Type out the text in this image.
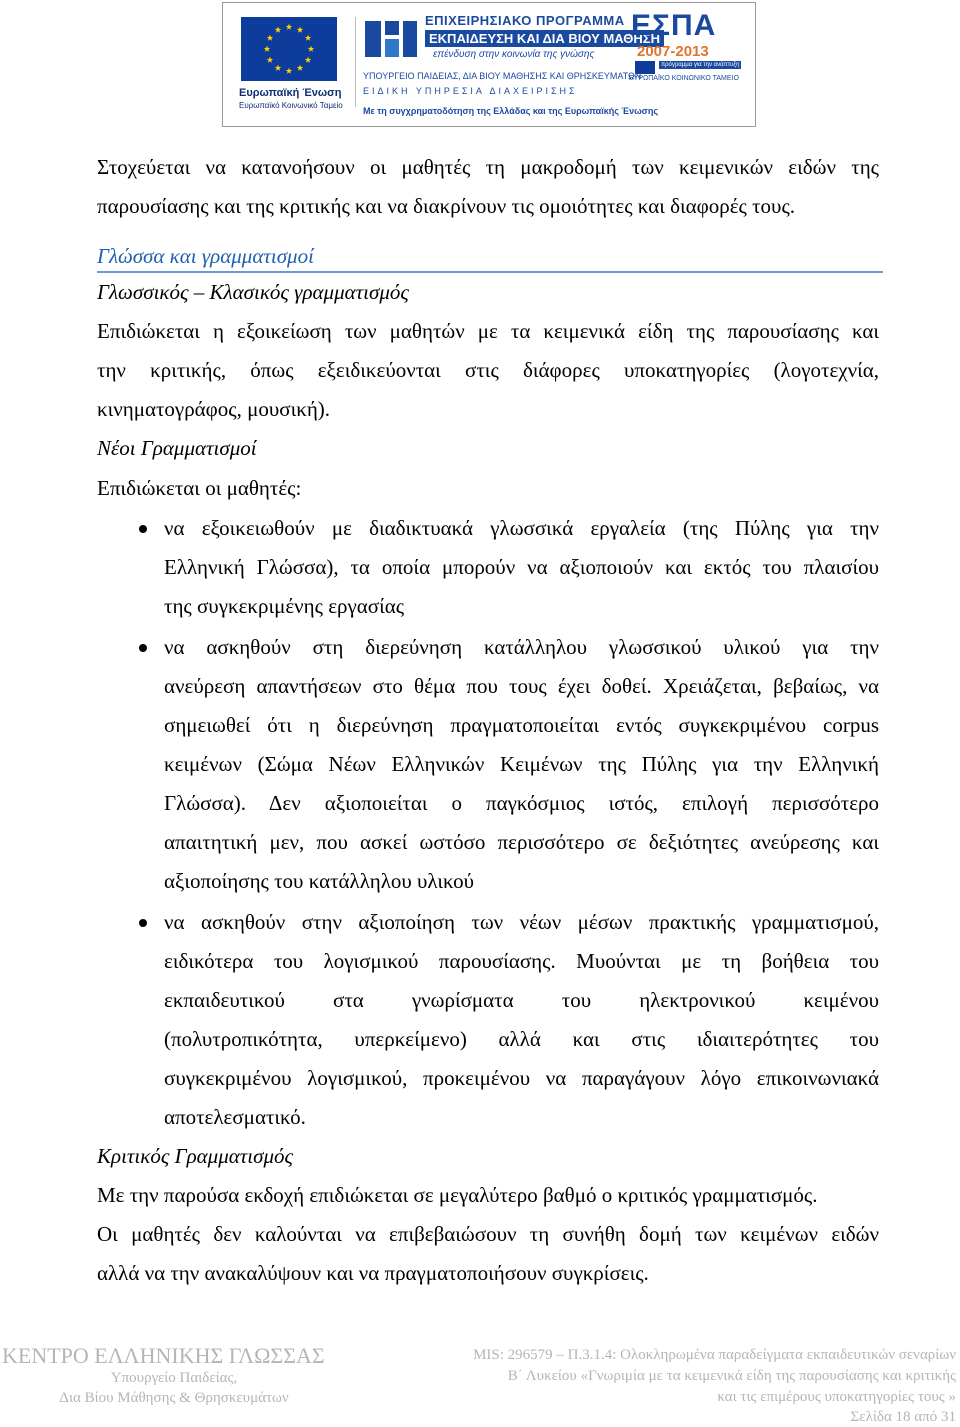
Ευρωπαϊκή Ένωση
Ευρωπαϊκό Κοινωνικό Ταμείο
ΕΠΙΧΕΙΡΗΣΙΑΚΟ ΠΡΟΓΡΑΜΜΑ
ΕΚΠΑΙΔΕΥΣΗ ΚΑΙ ΔΙΑ ΒΙΟΥ ΜΑΘΗΣΗ
επένδυση στην κοινωνία της γνώσης
ΕΣΠΑ
2007-2013
πρόγραμμα για την ανάπτυξη
ΕΥΡΩΠΑΪΚΟ ΚΟΙΝΩΝΙΚΟ ΤΑΜΕΙΟ
ΥΠΟΥΡΓΕΙΟ ΠΑΙΔΕΙΑΣ, ΔΙΑ ΒΙΟΥ ΜΑΘΗΣΗΣ ΚΑΙ ΘΡΗΣΚΕΥΜΑΤΩΝ
ΕΙΔΙΚΗ ΥΠΗΡΕΣΙΑ ΔΙΑΧΕΙΡΙΣΗΣ
Με τη συγχρηματοδότηση της Ελλάδας και της Ευρωπαϊκής Ένωσης
Στοχεύεται να κατανοήσουν οι μαθητές τη μακροδομή των κειμενικών ειδών της
παρουσίασης και της κριτικής και να διακρίνουν τις ομοιότητες και διαφορές τους.
Γλώσσα και γραμματισμοί
Γλωσσικός – Κλασικός γραμματισμός
Επιδιώκεται η εξοικείωση των μαθητών με τα κειμενικά είδη της παρουσίασης και
την κριτικής, όπως εξειδικεύονται στις διάφορες υποκατηγορίες (λογοτεχνία,
κινηματογράφος, μουσική).
Νέοι Γραμματισμοί
Επιδιώκεται οι μαθητές:
να εξοικειωθούν με διαδικτυακά γλωσσικά εργαλεία (της Πύλης για την
Ελληνική Γλώσσα), τα οποία μπορούν να αξιοποιούν και εκτός του πλαισίου
της συγκεκριμένης εργασίας
να ασκηθούν στη διερεύνηση κατάλληλου γλωσσικού υλικού για την
ανεύρεση απαντήσεων στο θέμα που τους έχει δοθεί. Χρειάζεται, βεβαίως, να
σημειωθεί ότι η διερεύνηση πραγματοποιείται εντός συγκεκριμένου corpus
κειμένων (Σώμα Νέων Ελληνικών Κειμένων της Πύλης για την Ελληνική
Γλώσσα). Δεν αξιοποιείται ο παγκόσμιος ιστός, επιλογή περισσότερο
απαιτητική μεν, που ασκεί ωστόσο περισσότερο σε δεξιότητες ανεύρεσης και
αξιοποίησης του κατάλληλου υλικού
να ασκηθούν στην αξιοποίηση των νέων μέσων πρακτικής γραμματισμού,
ειδικότερα του λογισμικού παρουσίασης. Μυούνται με τη βοήθεια του
εκπαιδευτικού στα γνωρίσματα του ηλεκτρονικού κειμένου
(πολυτροπικότητα, υπερκείμενο) αλλά και στις ιδιαιτερότητες του
συγκεκριμένου λογισμικού, προκειμένου να παραγάγουν λόγο επικοινωνιακά
αποτελεσματικό.
Κριτικός Γραμματισμός
Με την παρούσα εκδοχή επιδιώκεται σε μεγαλύτερο βαθμό ο κριτικός γραμματισμός.
Οι μαθητές δεν καλούνται να επιβεβαιώσουν τη συνήθη δομή των κειμένων ειδών
αλλά να την ανακαλύψουν και να πραγματοποιήσουν συγκρίσεις.
ΚΕΝΤΡΟ ΕΛΛΗΝΙΚΗΣ ΓΛΩΣΣΑΣ
Υπουργείο Παιδείας,
Δια Βίου Μάθησης & Θρησκευμάτων
MIS: 296579 – Π.3.1.4: Ολοκληρωμένα παραδείγματα εκπαιδευτικών σεναρίων
Β΄ Λυκείου «Γνωριμία με τα κειμενικά είδη της παρουσίασης και κριτικής
και τις επιμέρους υποκατηγορίες τους »
Σελίδα 18 από 31
